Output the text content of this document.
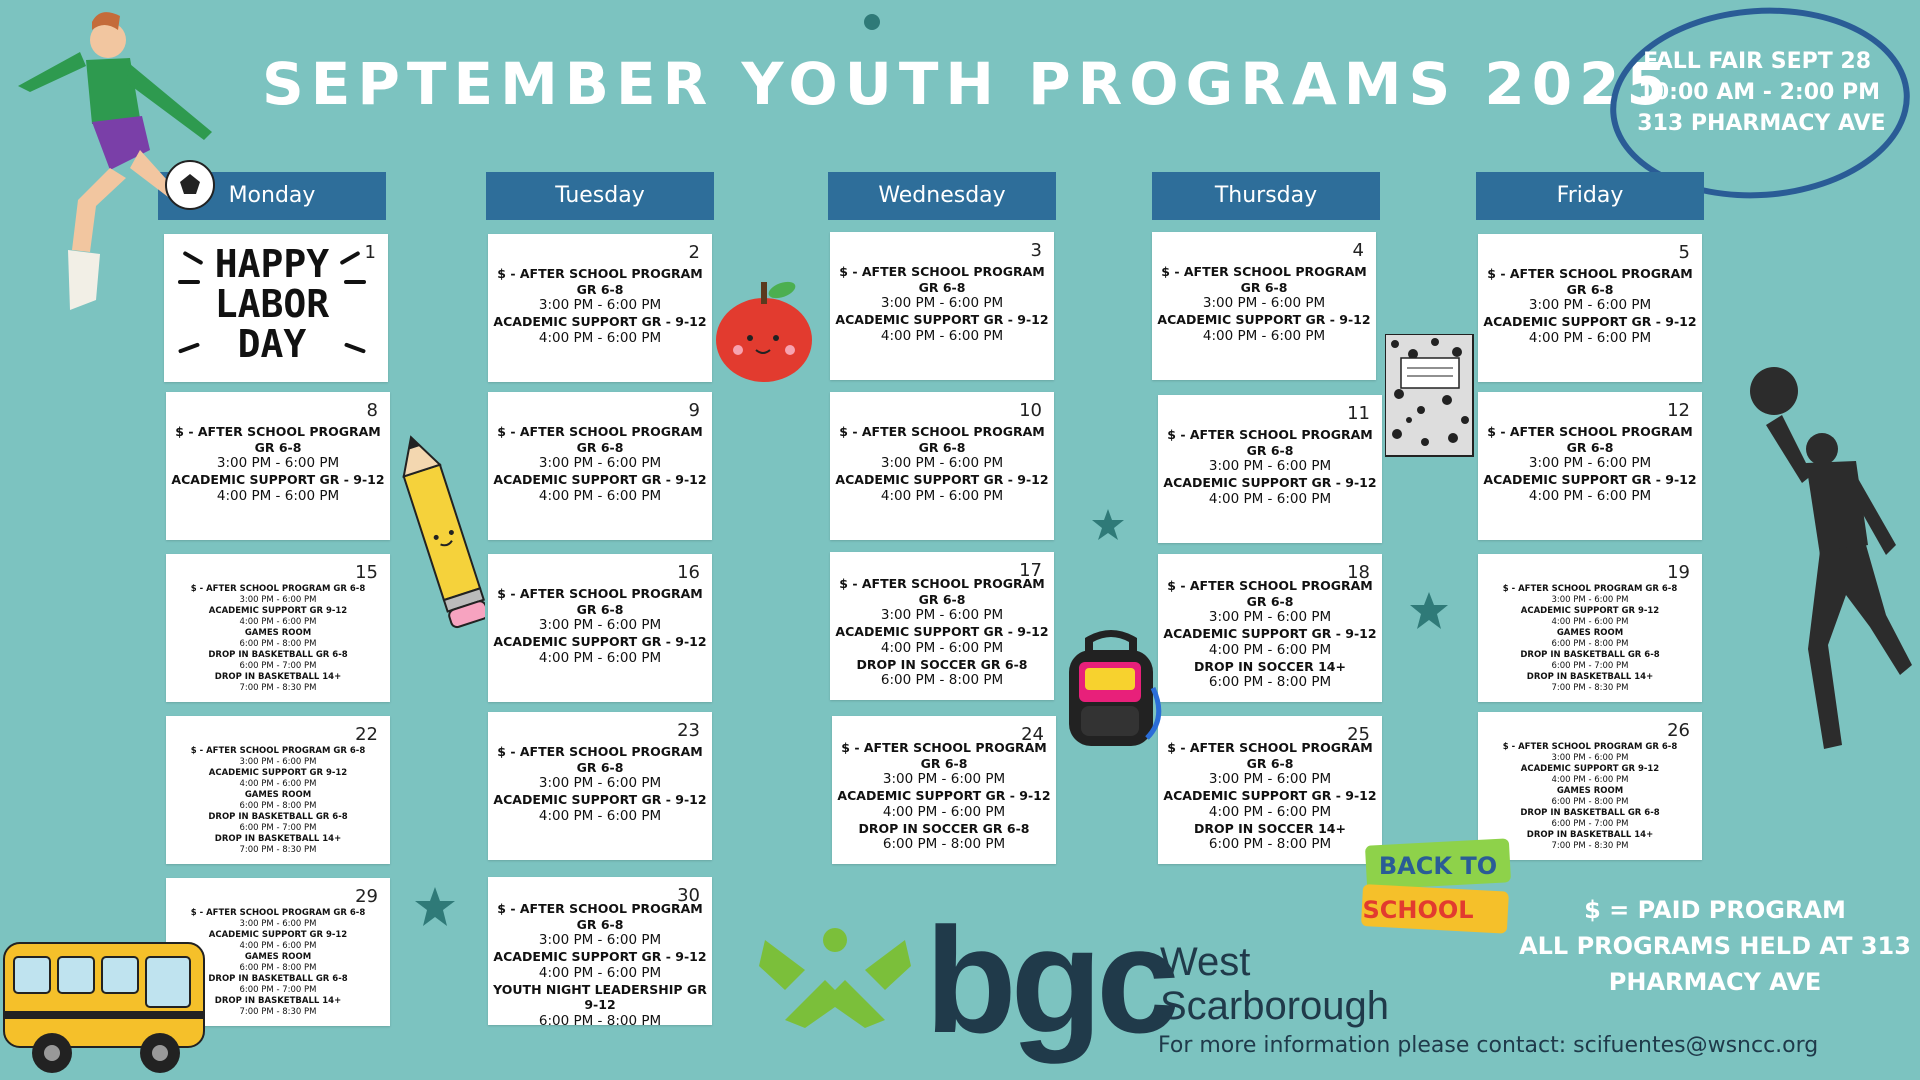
SEPTEMBER YOUTH PROGRAMS 2025
FALL FAIR SEPT 28
10:00 AM - 2:00 PM
313 PHARMACY AVE
Monday	Tuesday	Wednesday	Thursday	Friday
1
HAPPY LABOR DAY
2
$ - AFTER SCHOOL PROGRAM
GR 6-8
3:00 PM - 6:00 PM
ACADEMIC SUPPORT GR - 9-12
4:00 PM - 6:00 PM
3
$ - AFTER SCHOOL PROGRAM
GR 6-8
3:00 PM - 6:00 PM
ACADEMIC SUPPORT GR - 9-12
4:00 PM - 6:00 PM
4
$ - AFTER SCHOOL PROGRAM
GR 6-8
3:00 PM - 6:00 PM
ACADEMIC SUPPORT GR - 9-12
4:00 PM - 6:00 PM
5
$ - AFTER SCHOOL PROGRAM
GR 6-8
3:00 PM - 6:00 PM
ACADEMIC SUPPORT GR - 9-12
4:00 PM - 6:00 PM
8
$ - AFTER SCHOOL PROGRAM
GR 6-8
3:00 PM - 6:00 PM
ACADEMIC SUPPORT GR - 9-12
4:00 PM - 6:00 PM
9
$ - AFTER SCHOOL PROGRAM
GR 6-8
3:00 PM - 6:00 PM
ACADEMIC SUPPORT GR - 9-12
4:00 PM - 6:00 PM
10
$ - AFTER SCHOOL PROGRAM
GR 6-8
3:00 PM - 6:00 PM
ACADEMIC SUPPORT GR - 9-12
4:00 PM - 6:00 PM
11
$ - AFTER SCHOOL PROGRAM
GR 6-8
3:00 PM - 6:00 PM
ACADEMIC SUPPORT GR - 9-12
4:00 PM - 6:00 PM
12
$ - AFTER SCHOOL PROGRAM
GR 6-8
3:00 PM - 6:00 PM
ACADEMIC SUPPORT GR - 9-12
4:00 PM - 6:00 PM
15
$ - AFTER SCHOOL PROGRAM GR 6-8
3:00 PM - 6:00 PM
ACADEMIC SUPPORT GR 9-12
4:00 PM - 6:00 PM
GAMES ROOM
6:00 PM - 8:00 PM
DROP IN BASKETBALL GR 6-8
6:00 PM - 7:00 PM
DROP IN BASKETBALL 14+
7:00 PM - 8:30 PM
16
$ - AFTER SCHOOL PROGRAM
GR 6-8
3:00 PM - 6:00 PM
ACADEMIC SUPPORT GR - 9-12
4:00 PM - 6:00 PM
17
$ - AFTER SCHOOL PROGRAM
GR 6-8
3:00 PM - 6:00 PM
ACADEMIC SUPPORT GR - 9-12
4:00 PM - 6:00 PM
DROP IN SOCCER GR 6-8
6:00 PM - 8:00 PM
18
$ - AFTER SCHOOL PROGRAM
GR 6-8
3:00 PM - 6:00 PM
ACADEMIC SUPPORT GR - 9-12
4:00 PM - 6:00 PM
DROP IN SOCCER 14+
6:00 PM - 8:00 PM
19
$ - AFTER SCHOOL PROGRAM GR 6-8
3:00 PM - 6:00 PM
ACADEMIC SUPPORT GR 9-12
4:00 PM - 6:00 PM
GAMES ROOM
6:00 PM - 8:00 PM
DROP IN BASKETBALL GR 6-8
6:00 PM - 7:00 PM
DROP IN BASKETBALL 14+
7:00 PM - 8:30 PM
22
$ - AFTER SCHOOL PROGRAM GR 6-8
3:00 PM - 6:00 PM
ACADEMIC SUPPORT GR 9-12
4:00 PM - 6:00 PM
GAMES ROOM
6:00 PM - 8:00 PM
DROP IN BASKETBALL GR 6-8
6:00 PM - 7:00 PM
DROP IN BASKETBALL 14+
7:00 PM - 8:30 PM
23
$ - AFTER SCHOOL PROGRAM
GR 6-8
3:00 PM - 6:00 PM
ACADEMIC SUPPORT GR - 9-12
4:00 PM - 6:00 PM
24
$ - AFTER SCHOOL PROGRAM
GR 6-8
3:00 PM - 6:00 PM
ACADEMIC SUPPORT GR - 9-12
4:00 PM - 6:00 PM
DROP IN SOCCER GR 6-8
6:00 PM - 8:00 PM
25
$ - AFTER SCHOOL PROGRAM
GR 6-8
3:00 PM - 6:00 PM
ACADEMIC SUPPORT GR - 9-12
4:00 PM - 6:00 PM
DROP IN SOCCER 14+
6:00 PM - 8:00 PM
26
$ - AFTER SCHOOL PROGRAM GR 6-8
3:00 PM - 6:00 PM
ACADEMIC SUPPORT GR 9-12
4:00 PM - 6:00 PM
GAMES ROOM
6:00 PM - 8:00 PM
DROP IN BASKETBALL GR 6-8
6:00 PM - 7:00 PM
DROP IN BASKETBALL 14+
7:00 PM - 8:30 PM
29
$ - AFTER SCHOOL PROGRAM GR 6-8
3:00 PM - 6:00 PM
ACADEMIC SUPPORT GR 9-12
4:00 PM - 6:00 PM
GAMES ROOM
6:00 PM - 8:00 PM
DROP IN BASKETBALL GR 6-8
6:00 PM - 7:00 PM
DROP IN BASKETBALL 14+
7:00 PM - 8:30 PM
30
$ - AFTER SCHOOL PROGRAM
GR 6-8
3:00 PM - 6:00 PM
ACADEMIC SUPPORT GR - 9-12
4:00 PM - 6:00 PM
YOUTH NIGHT LEADERSHIP GR 9-12
6:00 PM - 8:00 PM
BACK TO
SCHOOL
bgc
West
Scarborough
For more information please contact: scifuentes@wsncc.org
$ = PAID PROGRAM
ALL PROGRAMS HELD AT 313
PHARMACY AVE
